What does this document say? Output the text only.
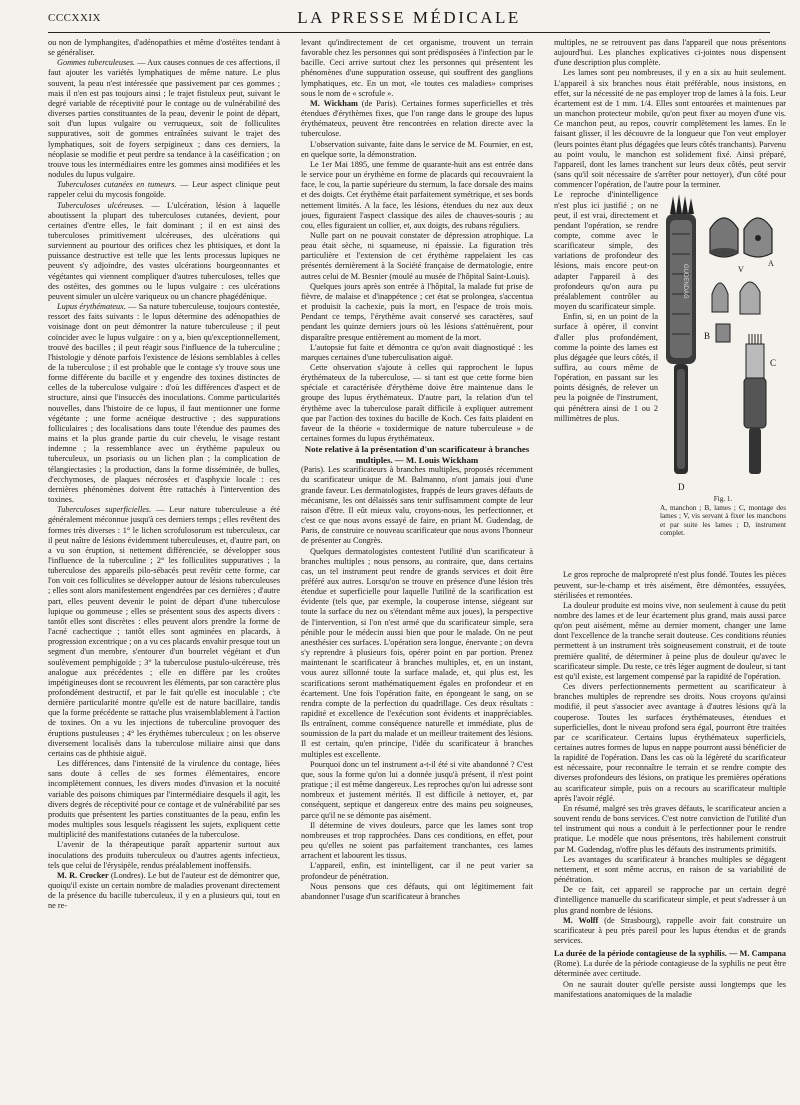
CCCXXIX	LA PRESSE MÉDICALE

ou non de lymphangites, d'adénopathies et même d'ostéites tendant à se généraliser.

Gommes tuberculeuses. — Aux causes connues de ces affections, il faut ajouter les variétés lymphatiques de même nature. Le plus souvent, la peau n'est intéressée que passivement par ces gommes ; mais il n'en est pas toujours ainsi ; le trajet fistuleux peut, suivant le degré variable de réceptivité pour le contage ou de vulnérabilité des diverses parties constituantes de la peau, devenir le point de départ, soit d'un lupus vulgaire ou verruqueux, soit de folliculites suppuratives, soit de gommes entraînées suivant le trajet des lymphatiques, soit de foyers serpigineux ; dans ces derniers, la néoplasie se modifie et peut perdre sa tendance à la caséification ; on trouve tous les intermédiaires entre les gommes ainsi modifiées et les nodules du lupus vulgaire.

Tuberculoses cutanées en tumeurs. — Leur aspect clinique peut rappeler celui du mycosis fongoïde.

Tuberculoses ulcéreuses. — L'ulcération, lésion à laquelle aboutissent la plupart des tuberculoses cutanées, devient, pour certaines d'entre elles, le fait dominant ; il en est ainsi des tuberculoses primitivement ulcéreuses, des ulcérations qui surviennent au pourtour des orifices chez les phtisiques, et dont la puissance destructive est telle que les lents processus lupiques ne peuvent s'y adjoindre, des vastes ulcérations bourgeonnantes et végétantes qui viennent compliquer d'autres tuberculoses, telles que des ostéites, des gommes ou le lupus vulgaire : ces ulcérations peuvent simuler un ulcère variqueux ou un chancre phagédénique.

Lupus érythémateux. — Sa nature tuberculeuse, toujours contestée, ressort des faits suivants : le lupus détermine des adénopathies de voisinage dont on peut démontrer la nature tuberculeuse ; il peut coïncider avec le lupus vulgaire : on y a, bien qu'exceptionnellement, trouvé des bacilles ; il peut réagir sous l'influence de la tuberculine ; l'histologie y dénote parfois l'existence de lésions semblables à celles de la tuberculose ; il est probable que le contage s'y trouve sous une forme différente du bacille et y engendre des toxines distinctes de celles de la tuberculose vulgaire : d'où les différences d'aspect et de structure, ainsi que l'insuccès des inoculations. Comme particularités nouvelles, dans l'histoire de ce lupus, il faut mentionner une forme végétante ; une forme acnéique destructive ; des suppurations folliculaires ; des localisations dans toute l'étendue des paumes des mains et la plus grande partie du cuir chevelu, le visage restant indemne ; la ressemblance avec un érythème papuleux ou tuberculeux, un psoriasis ou un lichen plan ; la complication de télangiectasies ; la production, dans la forme disséminée, de bulles, d'ecchymoses, de plaques nécrosées et d'asphyxie locale : ces dernières phénomènes doivent être rattachés à l'intervention des toxines.

Tuberculoses superficielles. — Leur nature tuberculeuse a été généralement méconnue jusqu'à ces derniers temps ; elles revêtent des formes très diverses : 1° le lichen scrofulosorum est tuberculeux, car il peut naître de lésions évidemment tuberculeuses, et, d'autre part, on a vu son éruption, si nettement différenciée, se développer sous l'influence de la tuberculine ; 2° les folliculites suppuratives ; la tuberculose des appareils pilo-sébacés peut revêtir cette forme, car l'on voit ces folliculites se développer autour de lésions tuberculeuses ; elles sont alors manifestement engendrées par ces dernières ; d'autre part, elles peuvent devenir le point de départ d'une tuberculose lupique ou gommeuse ; elles se présentent sous des aspects divers : tantôt elles sont discrètes : elles peuvent alors prendre la forme de l'acné cachectique ; tantôt elles sont agminées en placards, à progression excentrique ; on a vu ces placards envahir presque tout un segment d'un membre, s'entourer d'un bourrelet végétant et d'un soulèvement pemphigoïde ; 3° la tuberculose pustulo-ulcéreuse, très analogue aux précédentes ; elle en diffère par les croûtes impétigineuses dont se recouvrent les éléments, par son caractère plus profondément destructif, et par le fait qu'elle est inoculable ; c'te dernière particularité montre qu'elle est de nature bacillaire, tandis que la forme précédente se rattache plus vraisemblablement à l'action de toxines. On a vu les injections de tuberculine provoquer des éruptions pustuleuses ; 4° les érythèmes tuberculeux ; on les observe diversement localisés dans la tuberculose miliaire ainsi que dans certains cas de phthisie aiguë.

Les différences, dans l'intensité de la virulence du contage, liées sans doute à celles de ses formes élémentaires, encore incomplètement connues, les divers modes d'invasion et la nocuité variable des poisons chimiques par l'intermédiaire desquels il agit, les divers degrés de réceptivité pour ce contage et de vulnérabilité par ses produits que présentent les parties constituantes de la peau, enfin les modes multiples sous lesquels réagissent les sujets, expliquent cette multiplicité des manifestations cutanées de la tuberculose.

L'avenir de la thérapeutique paraît appartenir surtout aux inoculations des produits tuberculeux ou d'autres agents infectieux, tels que celui de l'érysipèle, rendus préalablement inoffensifs.

M. R. Crocker (Londres). Le but de l'auteur est de démontrer que, quoiqu'il existe un certain nombre de maladies provenant directement de la présence du bacille tuberculeux, il y en a plusieurs qui, tout en ne re-

levant qu'indirectement de cet organisme, trouvent un terrain favorable chez les personnes qui sont prédisposées à l'infection par le bacille. Ceci arrive surtout chez les personnes qui présentent les phénomènes d'une suppuration osseuse, qui souffrent des ganglions lymphatiques, etc. En un mot, «le toutes ces maladies» comprises sous le nom de « scrofule ».

M. Wickham (de Paris). Certaines formes superficielles et très étendues d'érythèmes fixes, que l'on range dans le groupe des lupus érythémateux, peuvent être rencontrées en relation directe avec la tuberculose.

L'observation suivante, faite dans le service de M. Fournier, en est, en quelque sorte, la démonstration.

Le 1er Mai 1895, une femme de quarante-huit ans est entrée dans le service pour un érythème en forme de placards qui recouvraient la face, le cou, la partie supérieure du sternum, la face dorsale des mains et des doigts. Cet érythème était parfaitement symétrique, et ses bords nettement limités. A la face, les lésions, étendues du nez aux deux joues, figuraient l'aspect classique des ailes de chauves-souris ; au cou, elles figuraient un collier, et, aux doigts, des rubans réguliers.

Nulle part on ne pouvait constater de dépression atrophique. La peau était sèche, ni squameuse, ni épaissie. La figuration très particulière et l'extension de cet érythème rappelaient les cas présentés dernièrement à la Société française de dermatologie, entre autres celui de M. Besnier (moulé au musée de l'hôpital Saint-Louis).

Quelques jours après son entrée à l'hôpital, la malade fut prise de fièvre, de malaise et d'inappétence ; cet état se prolongea, s'accentua et produisit la cachexie, puis la mort, en l'espace de trois mois. Pendant ce temps, l'érythème avait conservé ses caractères, sauf pendant les quinze derniers jours où les lésions s'atténuèrent, pour disparaître presque entièrement au moment de la mort.

L'autopsie fut faite et démontra ce qu'on avait diagnostiqué : les marques certaines d'une tuberculisation aiguë.

Cette observation s'ajoute à celles qui rapprochent le lupus érythémateux de la tuberculose, — si tant est que cette forme bien spéciale et caractérisée d'érythème doive être maintenue dans le groupe des lupus érythémateux. D'autre part, la relation d'un tel érythème avec la tuberculose paraît difficile à expliquer autrement que par l'action des toxines du bacille de Koch. Ces faits plaident en faveur de la théorie « toxidermique de nature tuberculeuse » de certaines formes du lupus érythémateux.

Note relative à la présentation d'un scarificateur à branches multiples. — M. Louis Wickham

(Paris). Les scarificateurs à branches multiples, proposés récemment du scarificateur unique de M. Balmanno, n'ont jamais joui d'une grande faveur. Les dermatologistes, frappés de leurs graves défauts de mécanisme, les ont délaissés sans tenir suffisamment compte de leur raison d'être. Il eût mieux valu, croyons-nous, les perfectionner, et c'est ce que nous avons essayé de faire, en priant M. Gudendag, de Paris, de construire ce nouveau scarificateur que nous avons l'honneur de présenter au Congrès.

Quelques dermatologistes contestent l'utilité d'un scarificateur à branches multiples ; nous pensons, au contraire, que, dans certains cas, un tel instrument peut rendre de grands services et doit être préféré aux autres. Lorsqu'on se trouve en présence d'une lésion très étendue et superficielle pour laquelle l'utilité de la scarification est évidente (tels que, par exemple, la couperose intense, siégeant sur toute la surface du nez ou s'étendant même aux joues), la perspective de l'intervention, si l'on n'est armé que du scarificateur simple, sera pénible pour le médecin aussi bien que pour le malade. On ne peut anesthésier ces surfaces. L'opération sera longue, énervante ; on devra s'y reprendre à plusieurs fois, opérer point en par portion. Prenez maintenant le scarificateur à branches multiples, et, en un instant, vous aurez sillonné toute la surface malade, et, qui plus est, les scarifications seront mathématiquement égales en profondeur et en écartement. Une fois l'opération faite, en épongeant le sang, on se rendra compte de la perfection du quadrillage. Ces deux résultats : rapidité et excellence de l'exécution sont évidents et inappréciables. Ils entraînent, comme conséquence naturelle et immédiate, plus de soumission de la part du malade et un meilleur traitement des lésions. Il est certain, qu'en principe, l'idée du scarificateur à branches multiples est excellente.

Pourquoi donc un tel instrument a-t-il été si vite abandonné ? C'est que, sous la forme qu'on lui a donnée jusqu'à présent, il n'est point pratique ; il est même dangereux. Les reproches qu'on lui adresse sont nombreux et justement mérités. Il est difficile à nettoyer, et, par conséquent, septique et dangereux entre des mains peu soigneuses, parce qu'il ne se démonte pas aisément.

Il détermine de vives douleurs, parce que les lames sont trop nombreuses et trop rapprochées. Dans ces conditions, en effet, pour peu qu'elles ne soient pas parfaitement tranchantes, ces lames arrachent et labourent les tissus.

L'appareil, enfin, est inintelligent, car il ne peut varier sa profondeur de pénétration.

Nous pensons que ces défauts, qui ont légitimement fait abandonner l'usage d'un scarificateur à branches

multiples, ne se retrouvent pas dans l'appareil que nous présentons aujourd'hui. Les planches explicatives ci-jointes nous dispensent d'une description plus complète.

Les lames sont peu nombreuses, il y en a six au huit seulement. L'appareil à six branches nous était préférable, nous insistons, en effet, sur la nécessité de ne pas employer trop de lames à la fois. Leur écartement est de 1 mm. 1/4. Elles sont entourées et maintenues par un manchon protecteur mobile, qu'on peut fixer au moyen d'une vis. Ce manchon peut, au repos, couvrir complètement les lames. En le faisant glisser, il les découvre de la longueur que l'on veut employer (leurs pointes étant plus dégagées que leurs côtés tranchants). Parvenu au point voulu, le manchon est solidement fixé. Ainsi préparé, l'appareil, dont les lames tranchent sur leurs deux côtés, peut servir (sans qu'il soit nécessaire de s'arrêter pour nettoyer), d'un côté pour commencer l'opération, de l'autre pour la terminer.

Le reproche d'inintelligence n'est plus ici justifié ; on ne peut, il est vrai, directement et pendant l'opération, se rendre compte, comme avec le scarificateur simple, des variations de profondeur des lésions, mais encore peut-on adapter l'appareil à des profondeurs qu'on aura pu préalablement contrôler au moyen du scarificateur simple.

Enfin, si, en un point de la surface à opérer, il convint d'aller plus profondément, comme la pointe des lames est plus dégagée que leurs côtés, il suffira, au cours même de l'opération, en passant sur les points désignés, de relever un peu la poignée de l'instrument, qui pénétrera ainsi de 1 ou 2 millimètres de plus.

GUDENDAG
A
V
B
C
D
Fig. 1.
A, manchon ; B, lames ; C, montage des lames ; V, vis servant à fixer les manchons et par suite les lames ; D, instrument complet.

Le gros reproche de malpropreté n'est plus fondé. Toutes les pièces peuvent, sur-le-champ et très aisément, être démontées, essuyées, stérilisées et remontées.

La douleur produite est moins vive, non seulement à cause du petit nombre des lames et de leur écartement plus grand, mais aussi parce qu'on peut aisément, même au dernier moment, changer une lame dont l'excellence de la tranche serait douteuse. Ces conditions réunies permettent à un instrument très soigneusement construit, et de toute première qualité, de déterminer à peine plus de douleur qu'avec le scarificateur simple. Du reste, ce très léger augment de douleur, si tant est qu'il existe, est largement compensé par la rapidité de l'opération.

Ces divers perfectionnements permettent au scarificateur à branches multiples de reprendre ses droits. Nous croyons qu'ainsi modifié, il peut s'associer avec avantage à d'autres lésions qu'à la couperose. Toutes les surfaces érythémateuses, étendues et superficielles, dont le niveau profond sera égal, pourront être traitées par ce scarificateur. Certains lupus érythémateux superficiels, certaines autres formes de lupus en nappe pourront aussi bénéficier de la rapidité de l'opération. Dans les cas où la légèreté du scarificateur est nécessaire, pour reconnaître le terrain et se rendre compte des diverses profondeurs des lésions, on pratique les premières opérations au scarificateur simple, puis on a recours au scarificateur multiple après l'avoir réglé.

En résumé, malgré ses très graves défauts, le scarificateur ancien a souvent rendu de bons services. C'est notre conviction de l'utilité d'un tel instrument qui nous a conduit à le perfectionner pour le rendre pratique. Le modèle que nous présentons, très habilement construit par M. Gudendag, n'offre plus les défauts des instruments primitifs.

Les avantages du scarificateur à branches multiples se dégagent nettement, et sont même accrus, en raison de sa variabilité de pénétration.

De ce fait, cet appareil se rapproche par un certain degré d'intelligence manuelle du scarificateur simple, et peut s'adresser à un plus grand nombre de lésions.

M. Wolff (de Strasbourg), rappelle avoir fait construire un scarificateur à peu près pareil pour les lupus étendus et de grands services.

La durée de la période contagieuse de la syphilis. — M. Campana (Rome). La durée de la période contagieuse de la syphilis ne peut être déterminée avec certitude.

On ne saurait douter qu'elle persiste aussi longtemps que les manifestations anatomiques de la maladie
